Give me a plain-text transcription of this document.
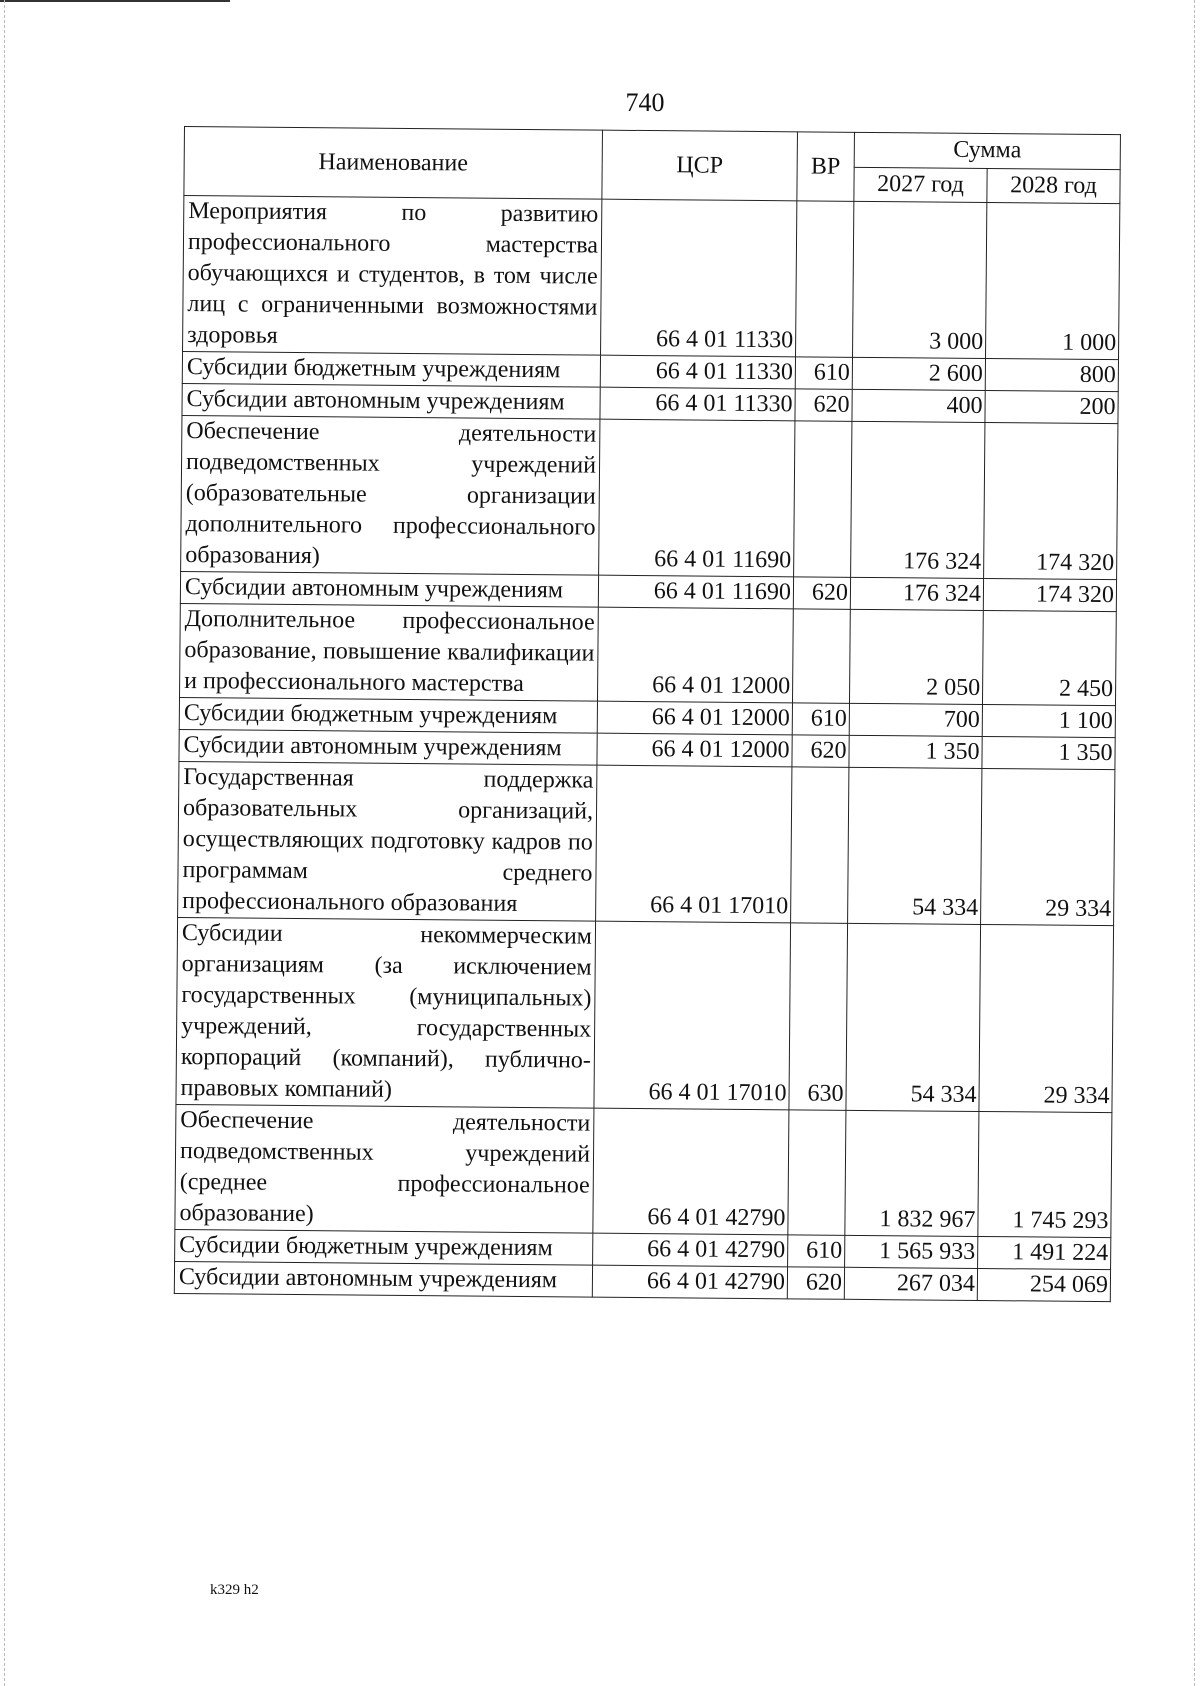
740
Наименование	ЦСР	ВР	Сумма	
			2027 год	2028 год
Мероприятия по развитию профессионального мастерства обучающихся и студентов, в том числе лиц с ограниченными возможностями здоровья	66 4 01 11330		3 000	1 000
Субсидии бюджетным учреждениям	66 4 01 11330	610	2 600	800
Субсидии автономным учреждениям	66 4 01 11330	620	400	200
Обеспечение деятельности подведомственных учреждений (образовательные организации дополнительного профессионального образования)	66 4 01 11690		176 324	174 320
Субсидии автономным учреждениям	66 4 01 11690	620	176 324	174 320
Дополнительное профессиональное образование, повышение квалификации и профессионального мастерства	66 4 01 12000		2 050	2 450
Субсидии бюджетным учреждениям	66 4 01 12000	610	700	1 100
Субсидии автономным учреждениям	66 4 01 12000	620	1 350	1 350
Государственная поддержка образовательных организаций, осуществляющих подготовку кадров по программам среднего профессионального образования	66 4 01 17010		54 334	29 334
Субсидии некоммерческим организациям (за исключением государственных (муниципальных) учреждений, государственных корпораций (компаний), публично-правовых компаний)	66 4 01 17010	630	54 334	29 334
Обеспечение деятельности подведомственных учреждений (среднее профессиональное образование)	66 4 01 42790		1 832 967	1 745 293
Субсидии бюджетным учреждениям	66 4 01 42790	610	1 565 933	1 491 224
Субсидии автономным учреждениям	66 4 01 42790	620	267 034	254 069
k329 h2
